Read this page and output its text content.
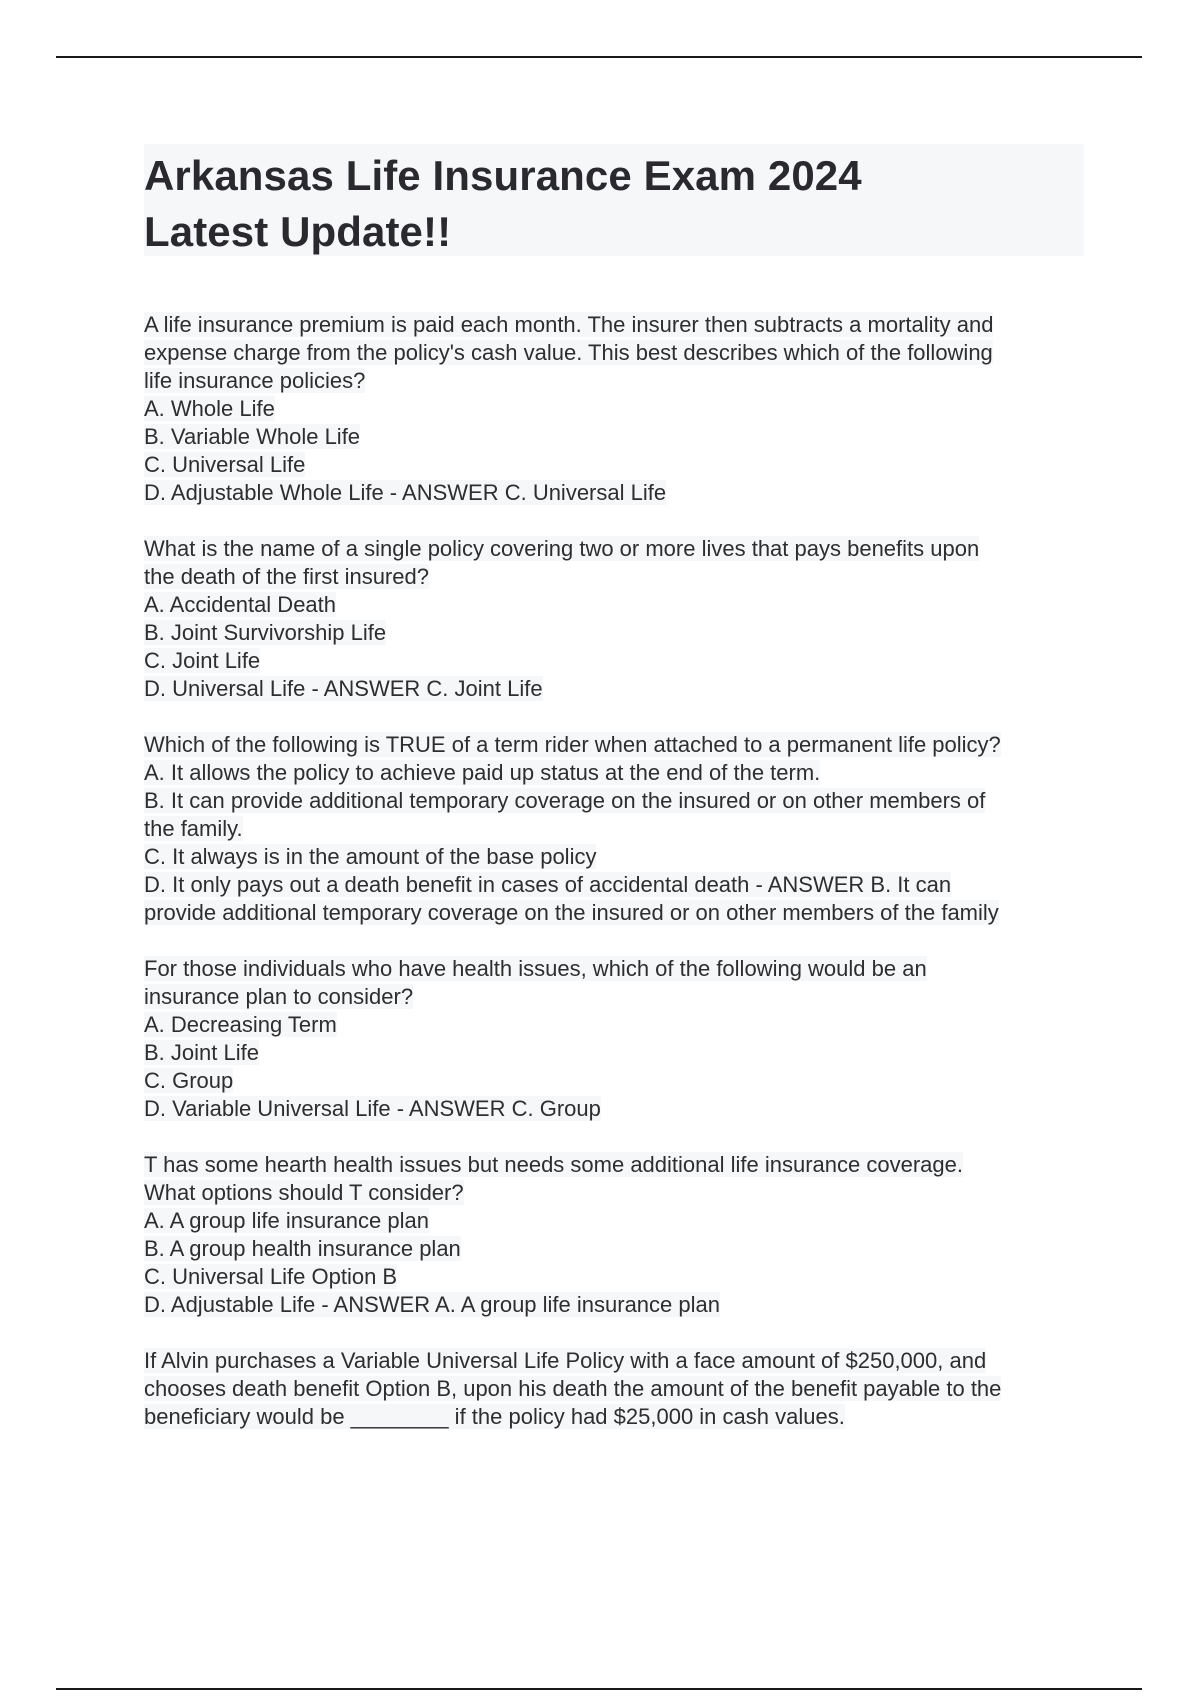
Arkansas Life Insurance Exam 2024
Latest Update!!
A life insurance premium is paid each month. The insurer then subtracts a mortality and
expense charge from the policy's cash value. This best describes which of the following
life insurance policies?
A. Whole Life
B. Variable Whole Life
C. Universal Life
D. Adjustable Whole Life - ANSWER C. Universal Life
What is the name of a single policy covering two or more lives that pays benefits upon
the death of the first insured?
A. Accidental Death
B. Joint Survivorship Life
C. Joint Life
D. Universal Life - ANSWER C. Joint Life
Which of the following is TRUE of a term rider when attached to a permanent life policy?
A. It allows the policy to achieve paid up status at the end of the term.
B. It can provide additional temporary coverage on the insured or on other members of
the family.
C. It always is in the amount of the base policy
D. It only pays out a death benefit in cases of accidental death - ANSWER B. It can
provide additional temporary coverage on the insured or on other members of the family
For those individuals who have health issues, which of the following would be an
insurance plan to consider?
A. Decreasing Term
B. Joint Life
C. Group
D. Variable Universal Life - ANSWER C. Group
T has some hearth health issues but needs some additional life insurance coverage.
What options should T consider?
A. A group life insurance plan
B. A group health insurance plan
C. Universal Life Option B
D. Adjustable Life - ANSWER A. A group life insurance plan
If Alvin purchases a Variable Universal Life Policy with a face amount of $250,000, and
chooses death benefit Option B, upon his death the amount of the benefit payable to the
beneficiary would be ________ if the policy had $25,000 in cash values.
